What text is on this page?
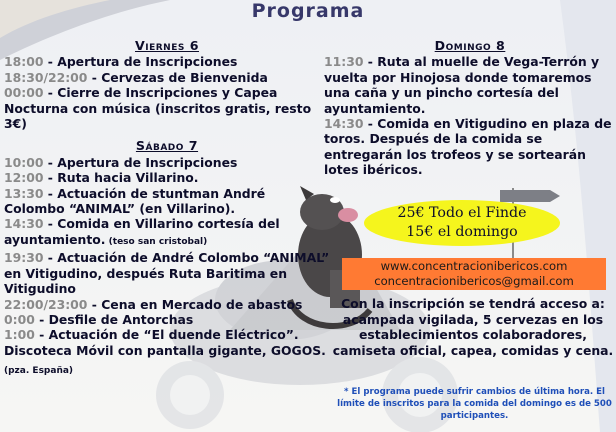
Programa
Viernes 6

18:00 - Apertura de Inscripciones

18:30/22:00 - Cervezas de Bienvenida

00:00 - Cierre de Inscripciones y Capea Nocturna con música (inscritos gratis, resto 3€)

Sábado 7

10:00 - Apertura de Inscripciones

12:00 - Ruta hacia Villarino.

13:30 - Actuación de stuntman André Colombo “ANIMAL” (en Villarino).

14:30 - Comida en Villarino cortesía del ayuntamiento. (teso san cristobal)

19:30 - Actuación de André Colombo “ANIMAL” en Vitigudino, después Ruta Baritima en Vitigudino

22:00/23:00 - Cena en Mercado de abastos

0:00 - Desfile de Antorchas

1:00 - Actuación de “El duende Eléctrico”. Discoteca Móvil con pantalla gigante, GOGOS. (pza. España)

Domingo 8

11:30 - Ruta al muelle de Vega-Terrón y vuelta por Hinojosa donde tomaremos una caña y un pincho cortesía del ayuntamiento.

14:30 - Comida en Vitigudino en plaza de toros. Después de la comida se entregarán los trofeos y se sortearán lotes ibéricos.

25€ Todo el Finde
15€ el domingo
www.concentracionibericos.com
concentracionibericos@gmail.com
Con la inscripción se tendrá acceso a: acampada vigilada, 5 cervezas en los establecimientos colaboradores, camiseta oficial, capea, comidas y cena.
* El programa puede sufrir cambios de última hora. El límite de inscritos para la comida del domingo es de 500 participantes.
